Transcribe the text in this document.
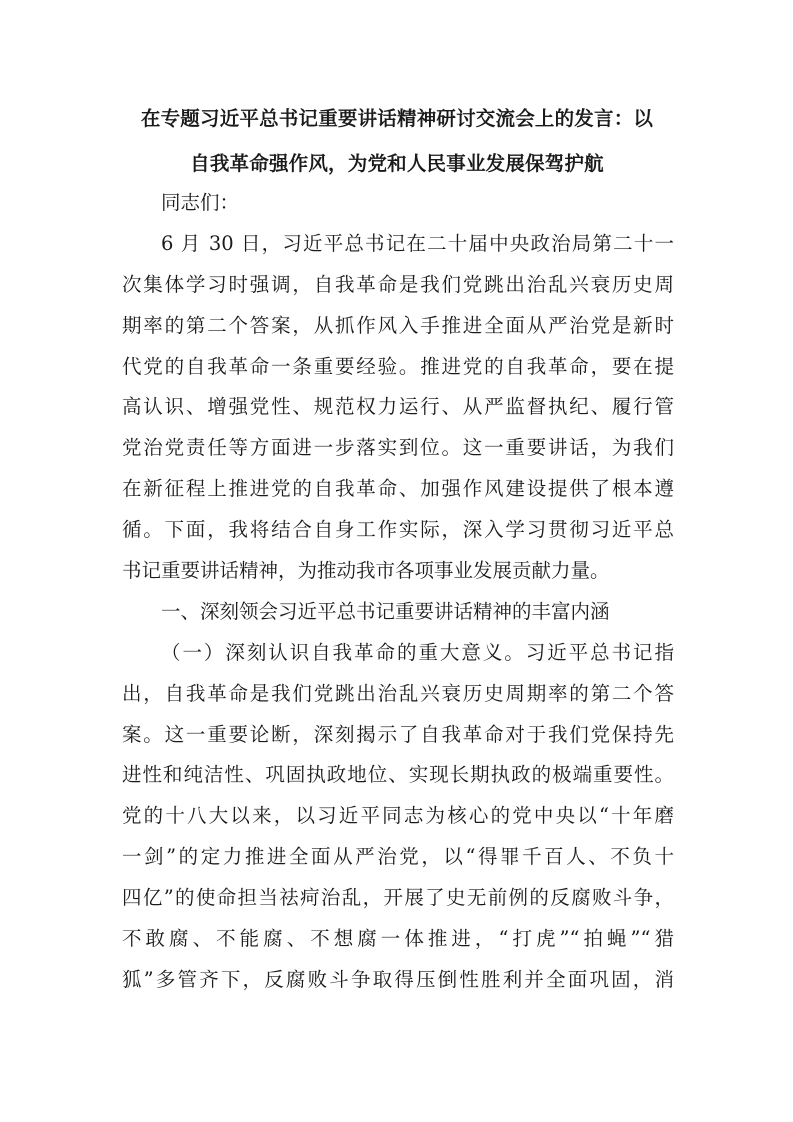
在专题习近平总书记重要讲话精神研讨交流会上的发言：以
自我革命强作风，为党和人民事业发展保驾护航
同志们：
6 月 30 日，习近平总书记在二十届中央政治局第二十一
次集体学习时强调，自我革命是我们党跳出治乱兴衰历史周
期率的第二个答案，从抓作风入手推进全面从严治党是新时
代党的自我革命一条重要经验。推进党的自我革命，要在提
高认识、增强党性、规范权力运行、从严监督执纪、履行管
党治党责任等方面进一步落实到位。这一重要讲话，为我们
在新征程上推进党的自我革命、加强作风建设提供了根本遵
循。下面，我将结合自身工作实际，深入学习贯彻习近平总
书记重要讲话精神，为推动我市各项事业发展贡献力量。
一、深刻领会习近平总书记重要讲话精神的丰富内涵
（一）深刻认识自我革命的重大意义。习近平总书记指
出，自我革命是我们党跳出治乱兴衰历史周期率的第二个答
案。这一重要论断，深刻揭示了自我革命对于我们党保持先
进性和纯洁性、巩固执政地位、实现长期执政的极端重要性。
党的十八大以来，以习近平同志为核心的党中央以“十年磨
一剑”的定力推进全面从严治党，以“得罪千百人、不负十
四亿”的使命担当祛疴治乱，开展了史无前例的反腐败斗争，
不敢腐、不能腐、不想腐一体推进，“打虎”“拍蝇”“猎
狐”多管齐下，反腐败斗争取得压倒性胜利并全面巩固，消
